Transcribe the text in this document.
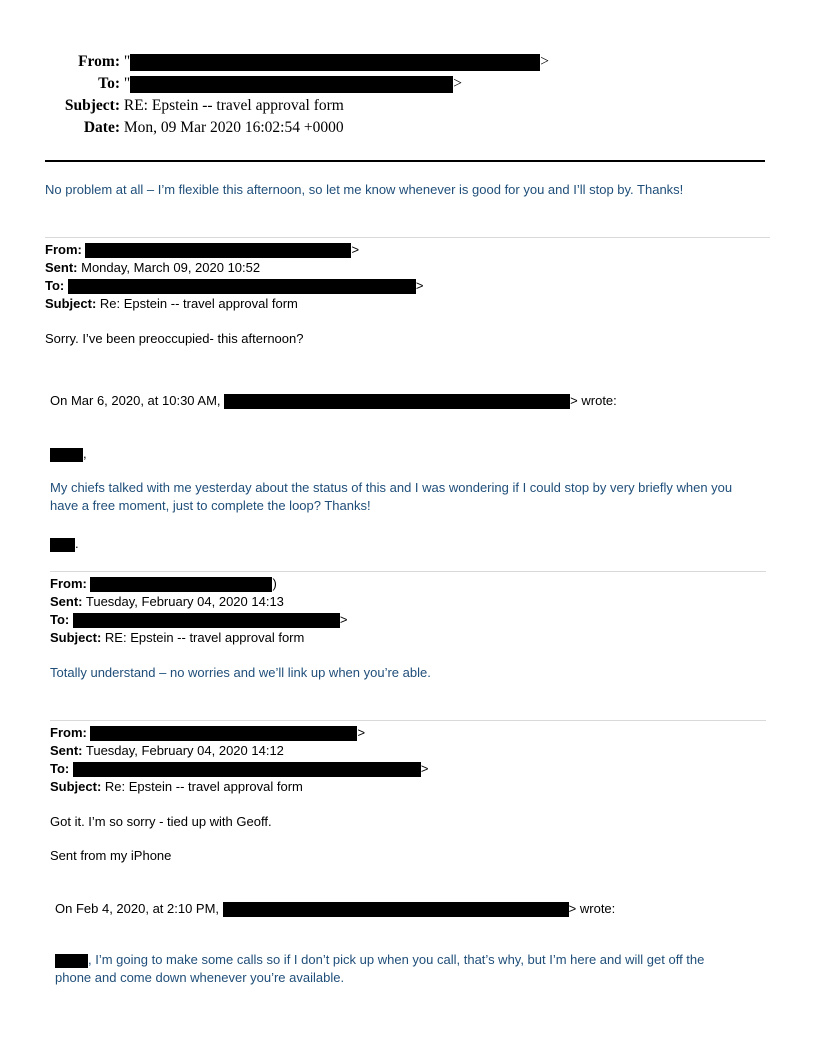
From: "	>
To: "	>
Subject: RE: Epstein -- travel approval form
Date: Mon, 09 Mar 2020 16:02:54 +0000
No problem at all – I’m flexible this afternoon, so let me know whenever is good for you and I’ll stop by. Thanks!
From:	>
Sent: Monday, March 09, 2020 10:52
To:	>
Subject: Re: Epstein -- travel approval form
Sorry. I’ve been preoccupied- this afternoon?
On Mar 6, 2020, at 10:30 AM,	> wrote:
,
My chiefs talked with me yesterday about the status of this and I was wondering if I could stop by very briefly when you
have a free moment, just to complete the loop? Thanks!
.
From:	)
Sent: Tuesday, February 04, 2020 14:13
To:	>
Subject: RE: Epstein -- travel approval form
Totally understand – no worries and we’ll link up when you’re able.
From:	>
Sent: Tuesday, February 04, 2020 14:12
To:	>
Subject: Re: Epstein -- travel approval form
Got it. I’m so sorry - tied up with Geoff.
Sent from my iPhone
On Feb 4, 2020, at 2:10 PM,	> wrote:
, I’m going to make some calls so if I don’t pick up when you call, that’s why, but I’m here and will get off the
phone and come down whenever you’re available.
